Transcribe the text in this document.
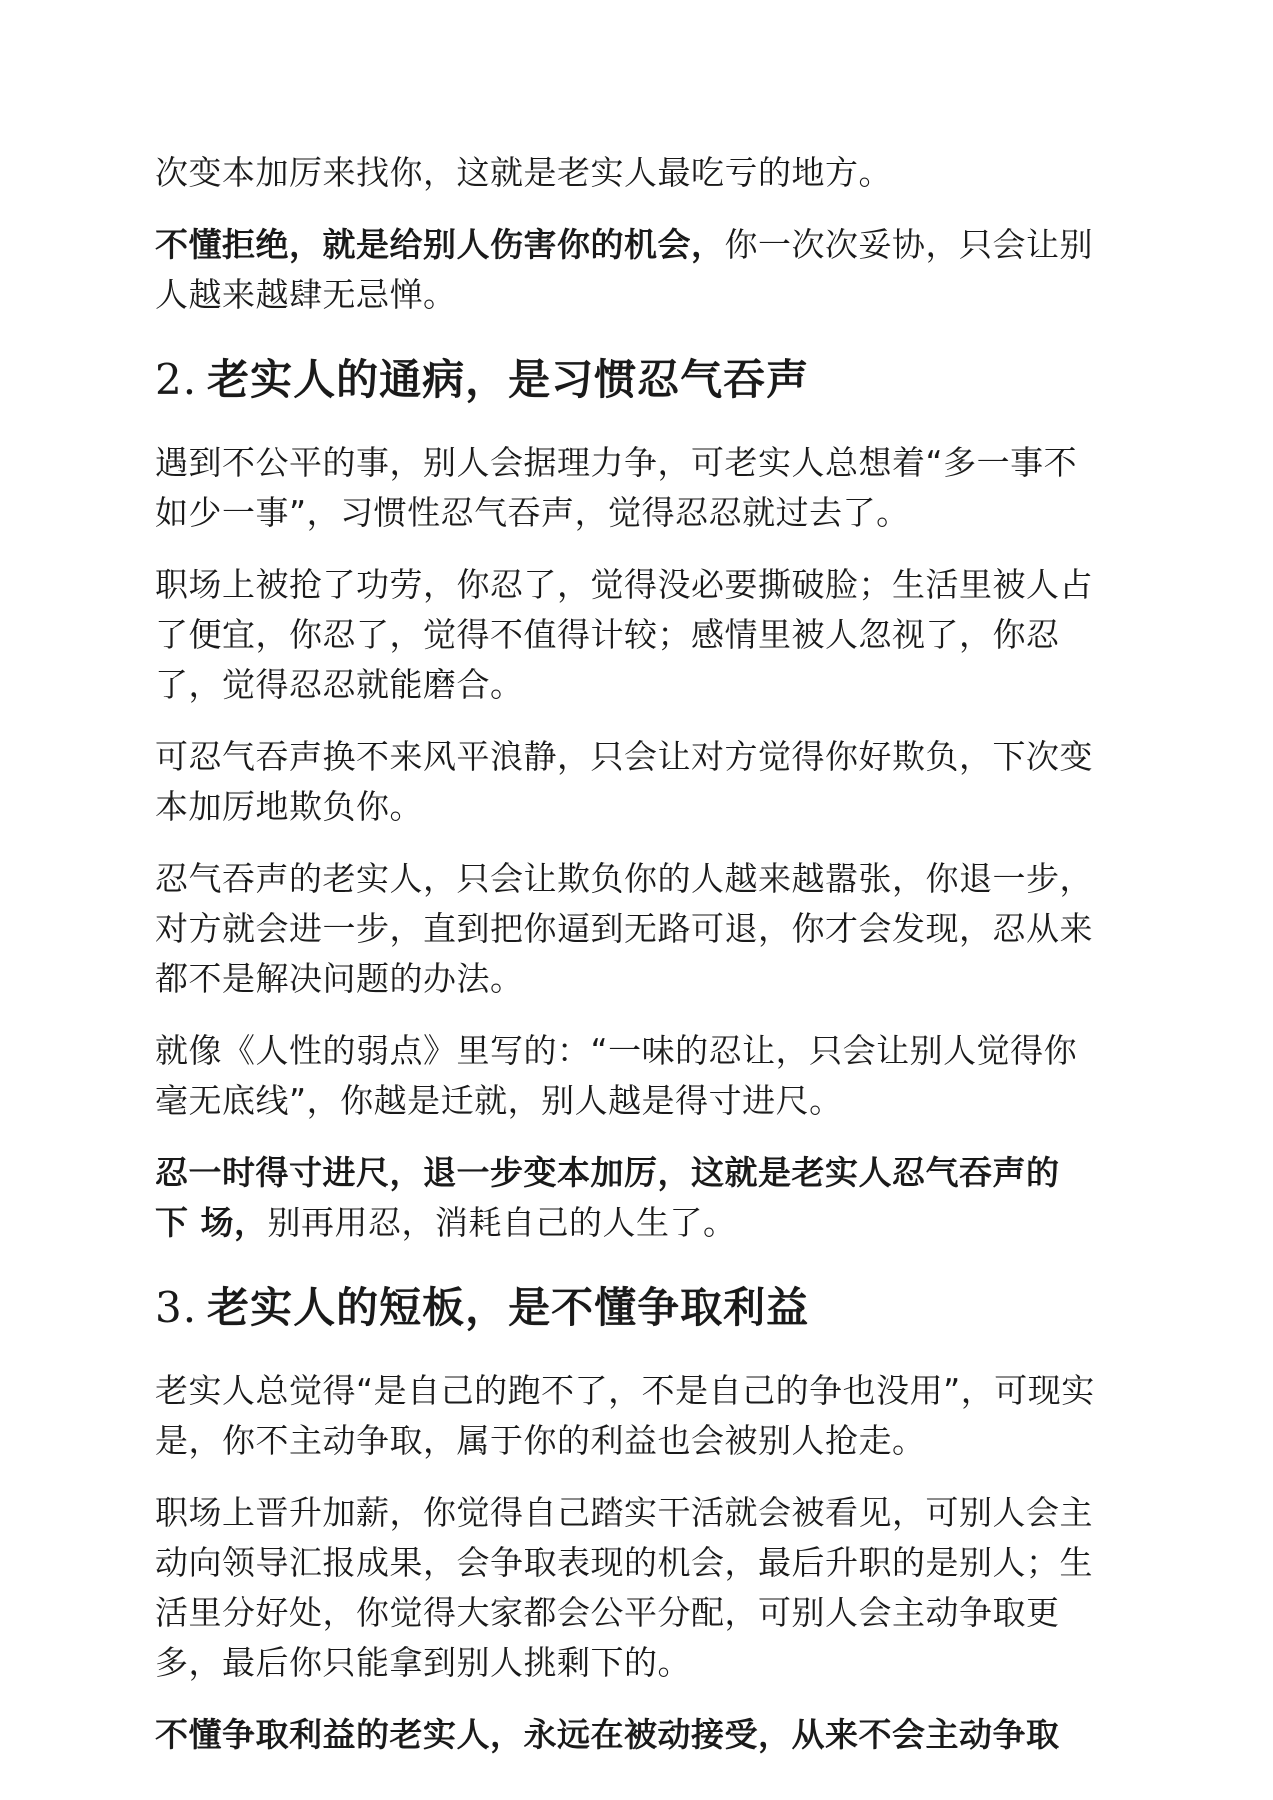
次变本加厉来找你，这就是老实人最吃亏的地方。

不懂拒绝，就是给别人伤害你的机会，你一次次妥协，只会让别
人越来越肆无忌惮。

2. 老实人的通病，是习惯忍气吞声

遇到不公平的事，别人会据理力争，可老实人总想着“多一事不
如少一事”，习惯性忍气吞声，觉得忍忍就过去了。

职场上被抢了功劳，你忍了，觉得没必要撕破脸；生活里被人占
了便宜，你忍了，觉得不值得计较；感情里被人忽视了，你忍
了，觉得忍忍就能磨合。

可忍气吞声换不来风平浪静，只会让对方觉得你好欺负，下次变
本加厉地欺负你。

忍气吞声的老实人，只会让欺负你的人越来越嚣张，你退一步，
对方就会进一步，直到把你逼到无路可退，你才会发现，忍从来
都不是解决问题的办法。

就像《人性的弱点》里写的：“一味的忍让，只会让别人觉得你
毫无底线”，你越是迁就，别人越是得寸进尺。

忍一时得寸进尺，退一步变本加厉，这就是老实人忍气吞声的
下 场，别再用忍，消耗自己的人生了。

3. 老实人的短板，是不懂争取利益

老实人总觉得“是自己的跑不了，不是自己的争也没用”，可现实
是，你不主动争取，属于你的利益也会被别人抢走。

职场上晋升加薪，你觉得自己踏实干活就会被看见，可别人会主
动向领导汇报成果，会争取表现的机会，最后升职的是别人；生
活里分好处，你觉得大家都会公平分配，可别人会主动争取更
多，最后你只能拿到别人挑剩下的。

不懂争取利益的老实人，永远在被动接受，从来不会主动争取
